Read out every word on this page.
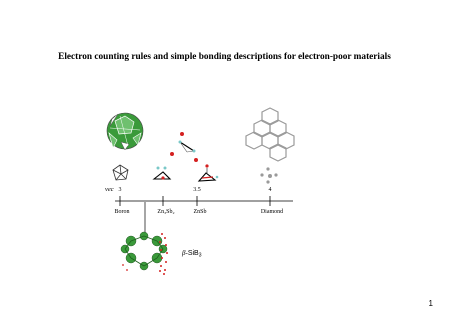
Electron counting rules and simple bonding descriptions for electron-poor materials
vec 3	3.5	4
Boron	Zn₃Sb₂	ZnSb	Diamond
β-SiB$_3$
1
